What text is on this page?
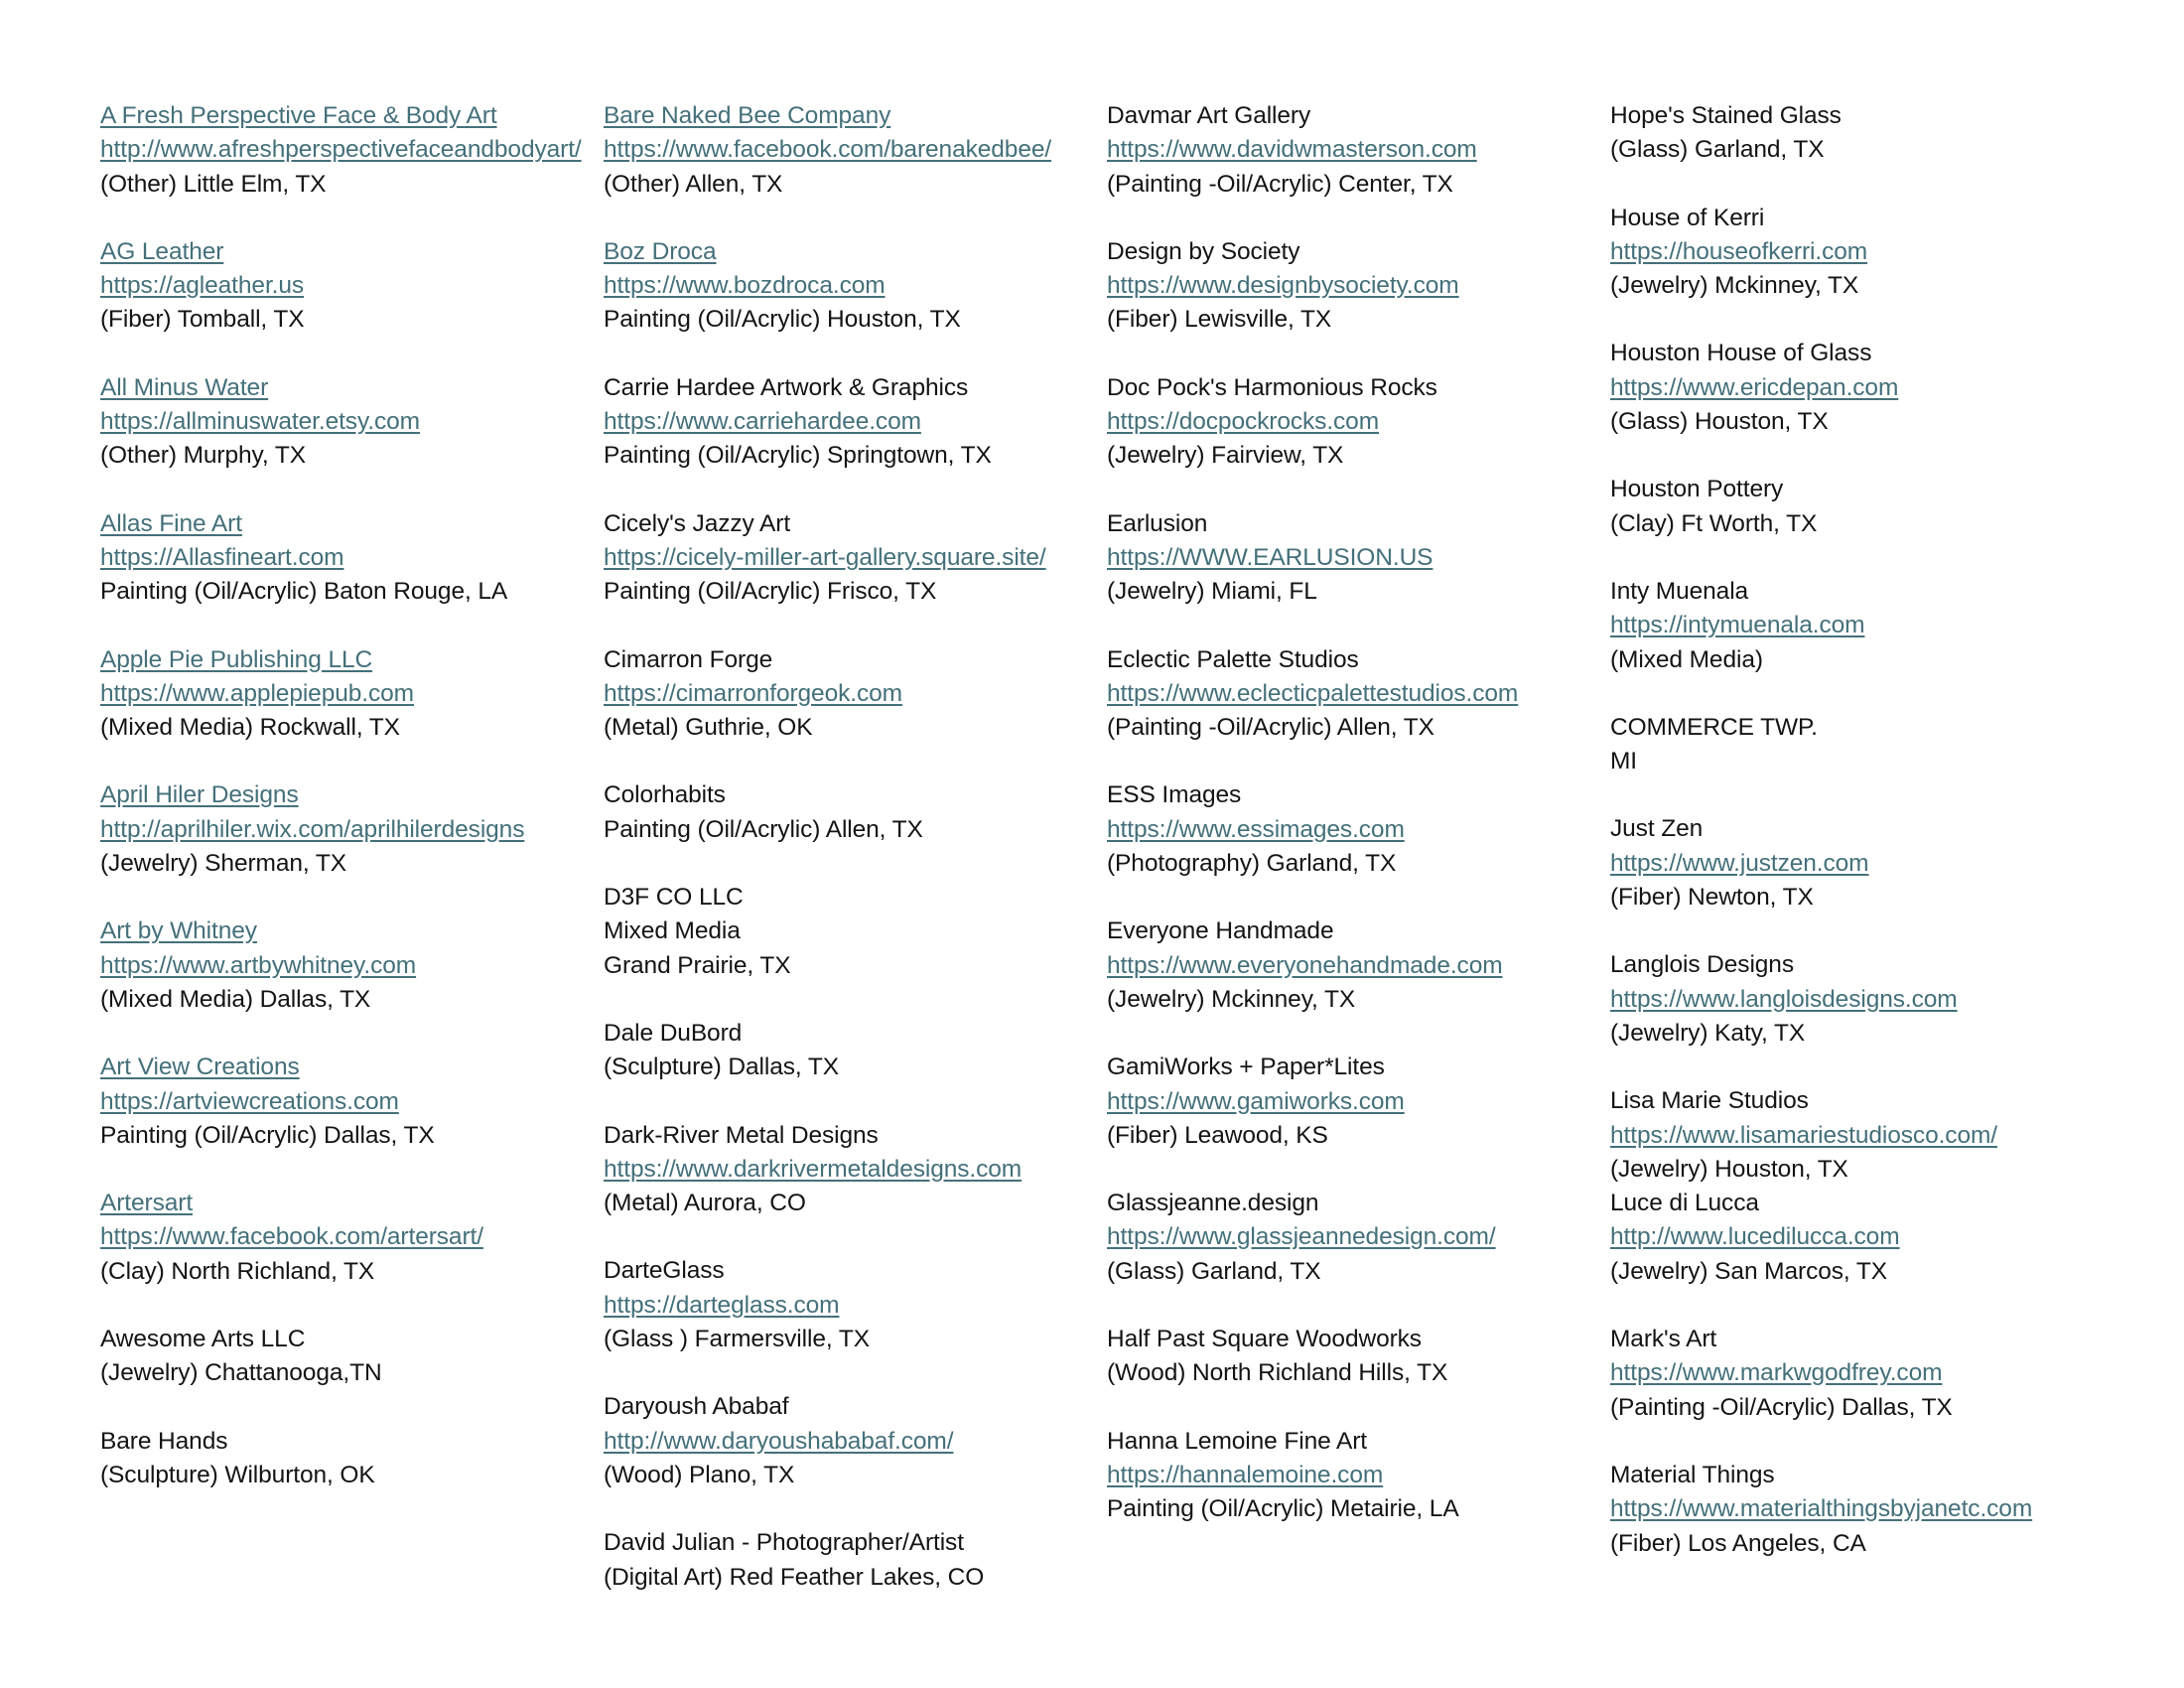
A Fresh Perspective Face & Body Art
http://www.afreshperspectivefaceandbodyart/
(Other) Little Elm, TX
AG Leather
https://agleather.us
(Fiber) Tomball, TX
All Minus Water
https://allminuswater.etsy.com
(Other) Murphy, TX
Allas Fine Art
https://Allasfineart.com
Painting (Oil/Acrylic) Baton Rouge, LA
Apple Pie Publishing LLC
https://www.applepiepub.com
(Mixed Media) Rockwall, TX
April Hiler Designs
http://aprilhiler.wix.com/aprilhilerdesigns
(Jewelry) Sherman, TX
Art by Whitney
https://www.artbywhitney.com
(Mixed Media) Dallas, TX
Art View Creations
https://artviewcreations.com
Painting (Oil/Acrylic) Dallas, TX
Artersart
https://www.facebook.com/artersart/
(Clay) North Richland, TX
Awesome Arts LLC
(Jewelry) Chattanooga,TN
Bare Hands
(Sculpture) Wilburton, OK
Bare Naked Bee Company
https://www.facebook.com/barenakedbee/
(Other) Allen, TX
Boz Droca
https://www.bozdroca.com
Painting (Oil/Acrylic) Houston, TX
Carrie Hardee Artwork & Graphics
https://www.carriehardee.com
Painting (Oil/Acrylic) Springtown, TX
Cicely's Jazzy Art
https://cicely-miller-art-gallery.square.site/
Painting (Oil/Acrylic) Frisco, TX
Cimarron Forge
https://cimarronforgeok.com
(Metal) Guthrie, OK
Colorhabits
Painting (Oil/Acrylic) Allen, TX
D3F CO LLC
Mixed Media
Grand Prairie, TX
Dale DuBord
(Sculpture) Dallas, TX
Dark-River Metal Designs
https://www.darkrivermetaldesigns.com
(Metal) Aurora, CO
DarteGlass
https://darteglass.com
(Glass ) Farmersville, TX
Daryoush Ababaf
http://www.daryoushababaf.com/
(Wood) Plano, TX
David Julian - Photographer/Artist
(Digital Art) Red Feather Lakes, CO
Davmar Art Gallery
https://www.davidwmasterson.com
(Painting -Oil/Acrylic) Center, TX
Design by Society
https://www.designbysociety.com
(Fiber) Lewisville, TX
Doc Pock's Harmonious Rocks
https://docpockrocks.com
(Jewelry) Fairview, TX
Earlusion
https://WWW.EARLUSION.US
(Jewelry) Miami, FL
Eclectic Palette Studios
https://www.eclecticpalettestudios.com
(Painting -Oil/Acrylic) Allen, TX
ESS Images
https://www.essimages.com
(Photography) Garland, TX
Everyone Handmade
https://www.everyonehandmade.com
(Jewelry) Mckinney, TX
GamiWorks + Paper*Lites
https://www.gamiworks.com
(Fiber) Leawood, KS
Glassjeanne.design
https://www.glassjeannedesign.com/
(Glass) Garland, TX
Half Past Square Woodworks
(Wood) North Richland Hills, TX
Hanna Lemoine Fine Art
https://hannalemoine.com
Painting (Oil/Acrylic) Metairie, LA
Hope's Stained Glass
(Glass) Garland, TX
House of Kerri
https://houseofkerri.com
(Jewelry) Mckinney, TX
Houston House of Glass
https://www.ericdepan.com
(Glass) Houston, TX
Houston Pottery
(Clay) Ft Worth, TX
Inty Muenala
https://intymuenala.com
(Mixed Media)
COMMERCE TWP.
MI
Just Zen
https://www.justzen.com
(Fiber) Newton, TX
Langlois Designs
https://www.langloisdesigns.com
(Jewelry) Katy, TX
Lisa Marie Studios
https://www.lisamariestudiosco.com/
(Jewelry) Houston, TX
Luce di Lucca
http://www.lucedilucca.com
(Jewelry) San Marcos, TX
Mark's Art
https://www.markwgodfrey.com
(Painting -Oil/Acrylic) Dallas, TX
Material Things
https://www.materialthingsbyjanetc.com
(Fiber) Los Angeles, CA
